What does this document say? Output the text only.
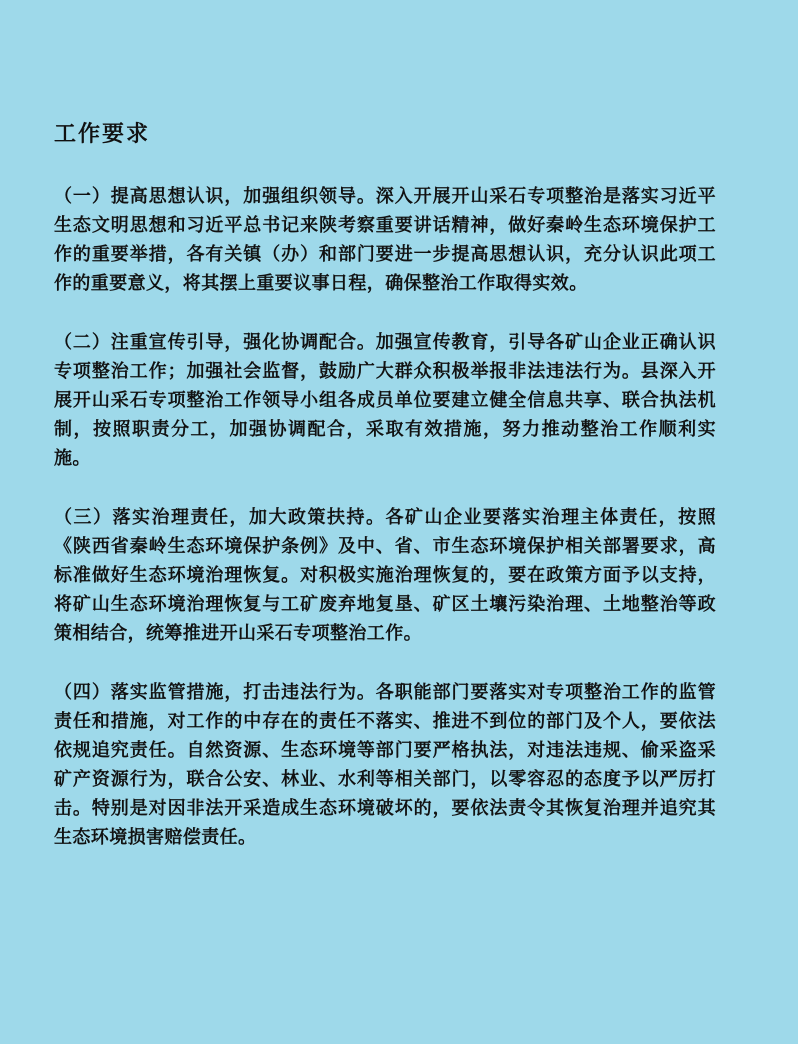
工作要求

（一）提高思想认识，加强组织领导。深入开展开山采石专项整治是落实习近平生态文明思想和习近平总书记来陕考察重要讲话精神，做好秦岭生态环境保护工作的重要举措，各有关镇（办）和部门要进一步提高思想认识，充分认识此项工作的重要意义，将其摆上重要议事日程，确保整治工作取得实效。

（二）注重宣传引导，强化协调配合。加强宣传教育，引导各矿山企业正确认识专项整治工作；加强社会监督，鼓励广大群众积极举报非法违法行为。县深入开展开山采石专项整治工作领导小组各成员单位要建立健全信息共享、联合执法机制，按照职责分工，加强协调配合，采取有效措施，努力推动整治工作顺利实施。

（三）落实治理责任，加大政策扶持。各矿山企业要落实治理主体责任，按照《陕西省秦岭生态环境保护条例》及中、省、市生态环境保护相关部署要求，高标准做好生态环境治理恢复。对积极实施治理恢复的，要在政策方面予以支持，将矿山生态环境治理恢复与工矿废弃地复垦、矿区土壤污染治理、土地整治等政策相结合，统筹推进开山采石专项整治工作。

（四）落实监管措施，打击违法行为。各职能部门要落实对专项整治工作的监管责任和措施，对工作的中存在的责任不落实、推进不到位的部门及个人，要依法依规追究责任。自然资源、生态环境等部门要严格执法，对违法违规、偷采盗采矿产资源行为，联合公安、林业、水利等相关部门，以零容忍的态度予以严厉打击。特别是对因非法开采造成生态环境破坏的，要依法责令其恢复治理并追究其生态环境损害赔偿责任。
